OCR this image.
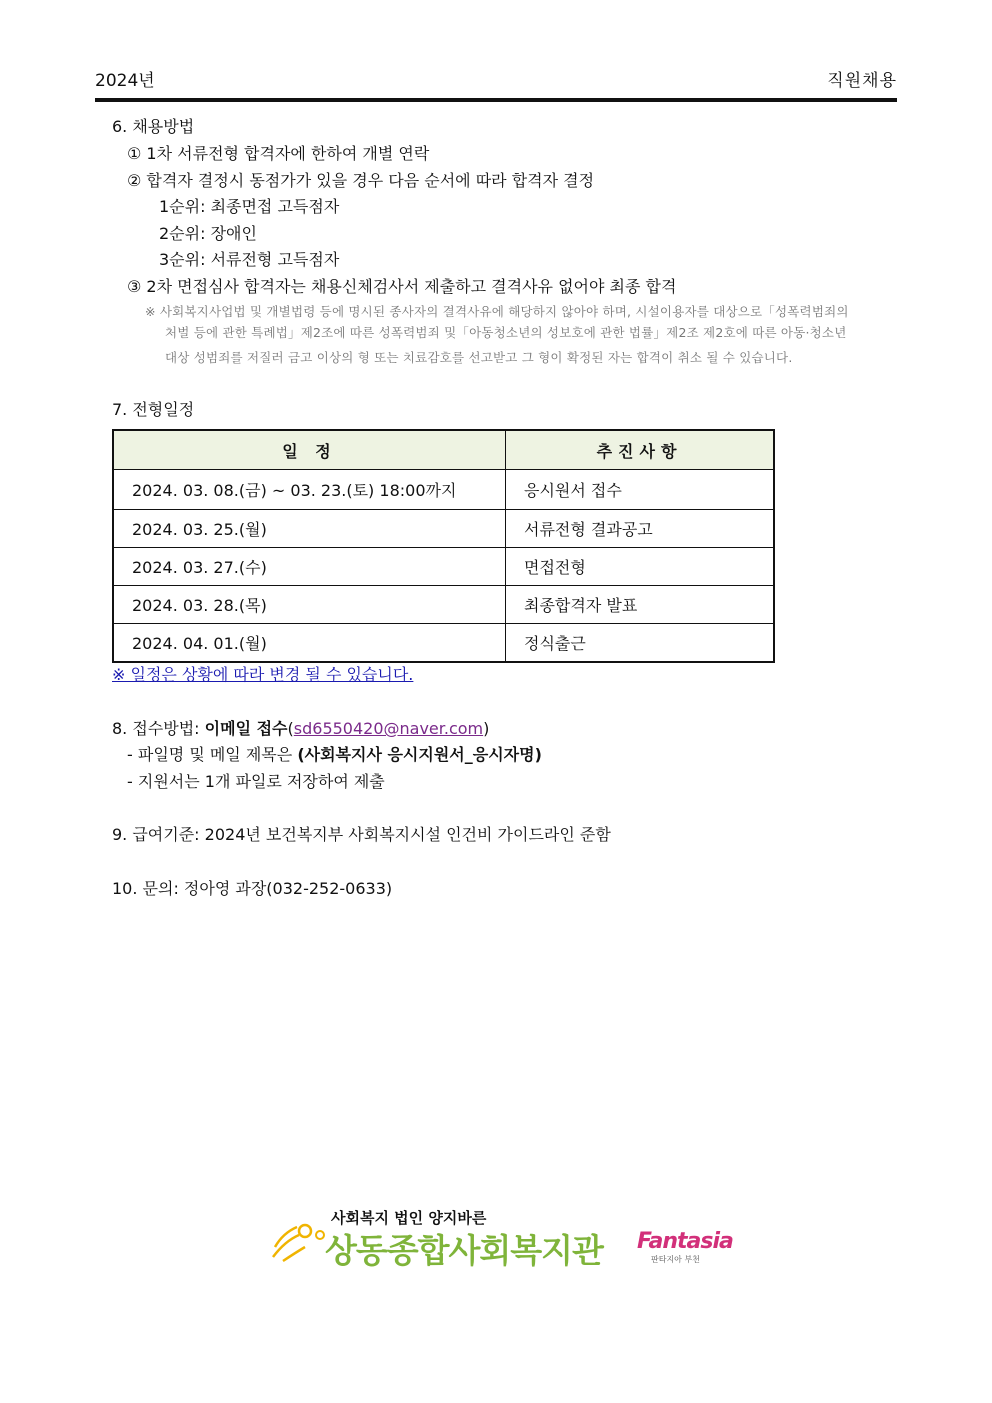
2024년	직원채용
6. 채용방법
① 1차 서류전형 합격자에 한하여 개별 연락
② 합격자 결정시 동점가가 있을 경우 다음 순서에 따라 합격자 결정
1순위: 최종면접 고득점자
2순위: 장애인
3순위: 서류전형 고득점자
③ 2차 면접심사 합격자는 채용신체검사서 제출하고 결격사유 없어야 최종 합격
※ 사회복지사업법 및 개별법령 등에 명시된 종사자의 결격사유에 해당하지 않아야 하며, 시설이용자를 대상으로「성폭력범죄의
처벌 등에 관한 특례법」제2조에 따른 성폭력범죄 및「아동청소년의 성보호에 관한 법률」제2조 제2호에 따른 아동·청소년
대상 성범죄를 저질러 금고 이상의 형 또는 치료감호를 선고받고 그 형이 확정된 자는 합격이 취소 될 수 있습니다.
7. 전형일정
일 정	추진사항
2024. 03. 08.(금) ~ 03. 23.(토) 18:00까지	응시원서 접수
2024. 03. 25.(월)	서류전형 결과공고
2024. 03. 27.(수)	면접전형
2024. 03. 28.(목)	최종합격자 발표
2024. 04. 01.(월)	정식출근
※ 일정은 상황에 따라 변경 될 수 있습니다.
8. 접수방법: 이메일 접수(sd6550420@naver.com)
- 파일명 및 메일 제목은 (사회복지사 응시지원서_응시자명)
- 지원서는 1개 파일로 저장하여 제출
9. 급여기준: 2024년 보건복지부 사회복지시설 인건비 가이드라인 준함
10. 문의: 정아영 과장(032-252-0633)
사회복지 법인 양지바른
상동종합사회복지관 Fantasia
판타지아 부천
